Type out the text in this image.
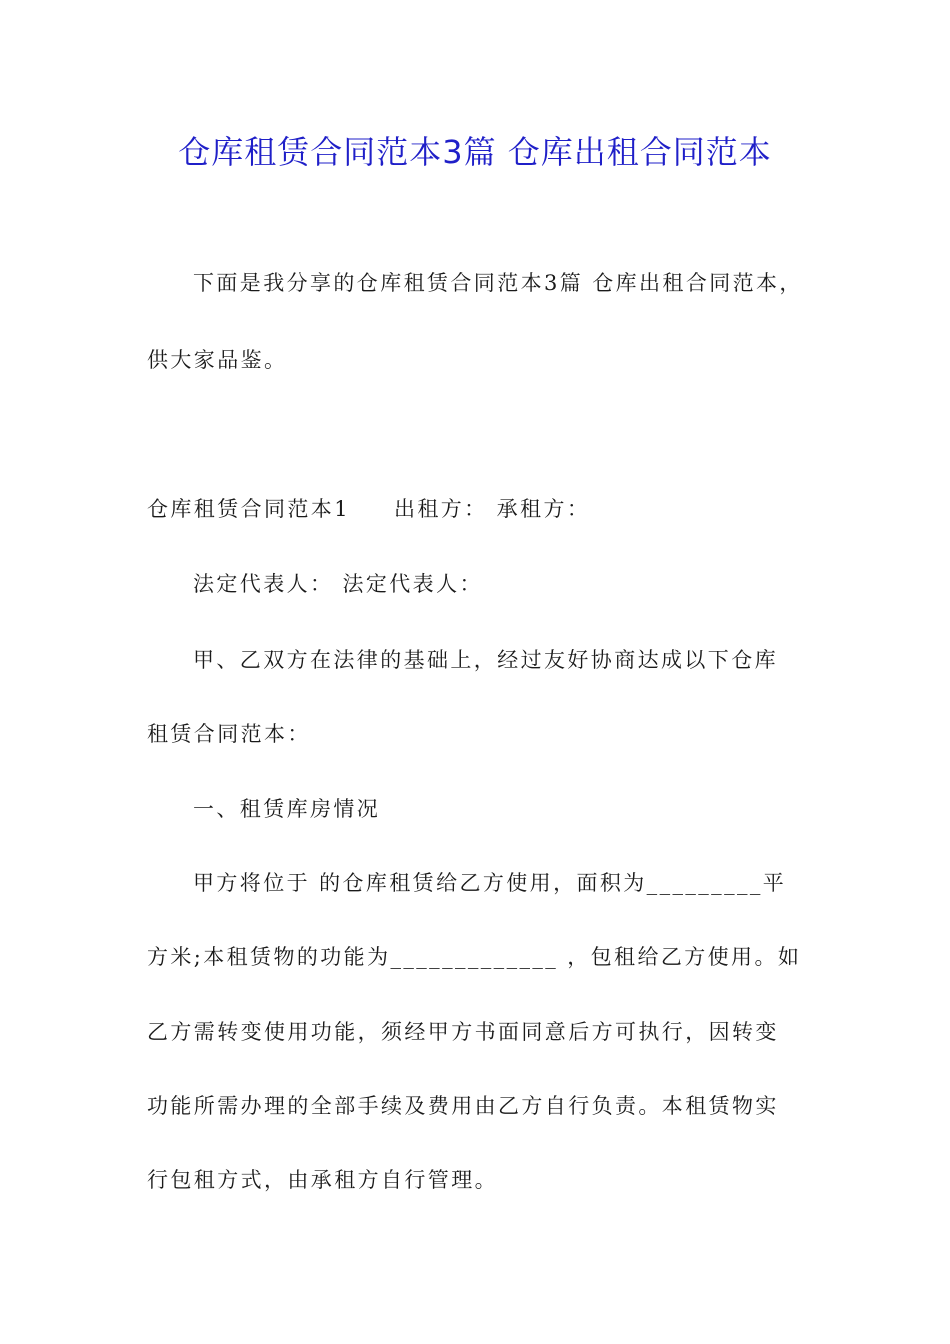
仓库租赁合同范本3篇 仓库出租合同范本

下面是我分享的仓库租赁合同范本3篇 仓库出租合同范本，

供大家品鉴。

仓库租赁合同范本1 出租方： 承租方：

法定代表人： 法定代表人：

甲、乙双方在法律的基础上，经过友好协商达成以下仓库

租赁合同范本：

一、租赁库房情况

甲方将位于 的仓库租赁给乙方使用，面积为_________平

方米;本租赁物的功能为_____________ ，包租给乙方使用。如

乙方需转变使用功能，须经甲方书面同意后方可执行，因转变

功能所需办理的全部手续及费用由乙方自行负责。本租赁物实

行包租方式，由承租方自行管理。
